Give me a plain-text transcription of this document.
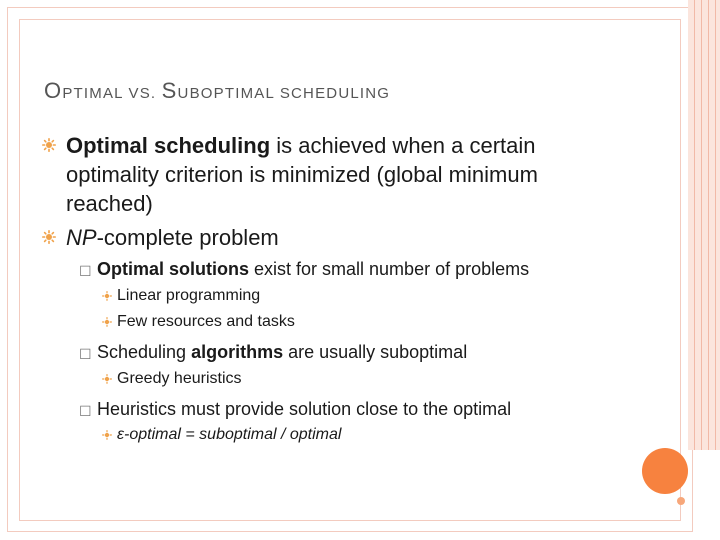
OPTIMAL VS. SUBOPTIMAL SCHEDULING
Optimal scheduling is achieved when a certain optimality criterion is minimized (global minimum reached)
NP-complete problem
☐ Optimal solutions exist for small number of problems
Linear programming
Few resources and tasks
☐ Scheduling algorithms are usually suboptimal
Greedy heuristics
☐ Heuristics must provide solution close to the optimal
ε-optimal = suboptimal / optimal
